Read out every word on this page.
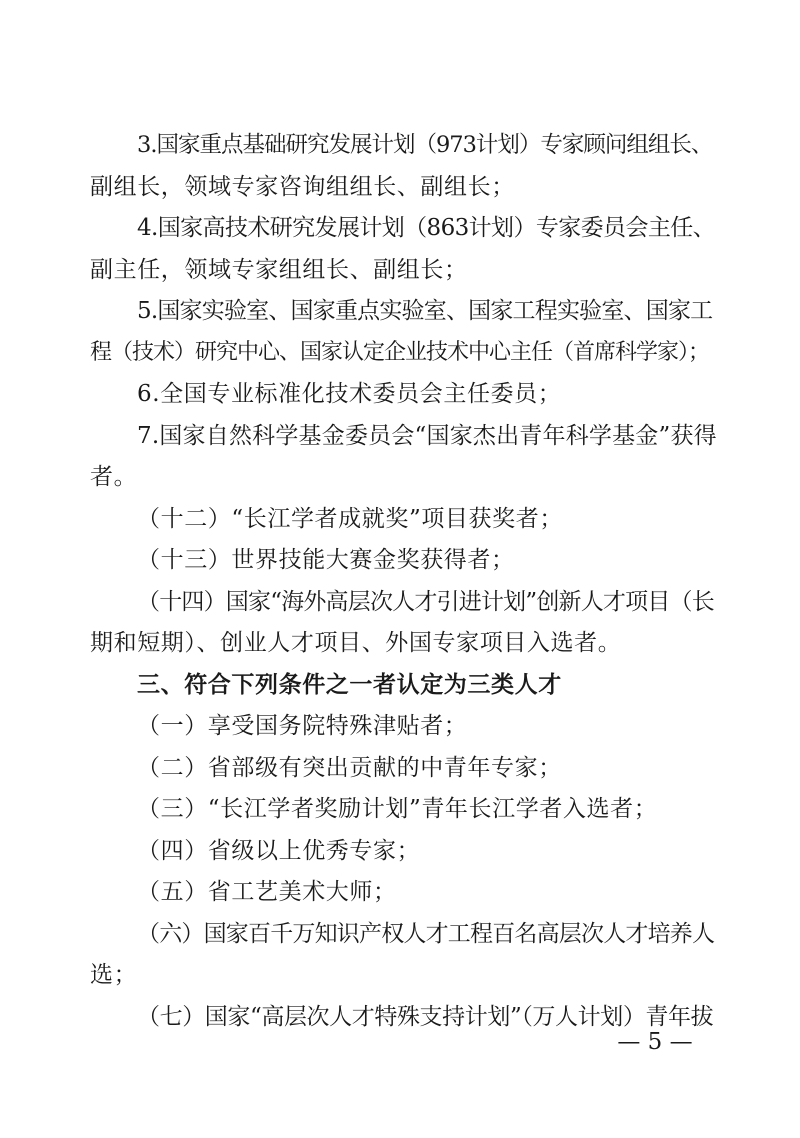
3.国家重点基础研究发展计划（973计划）专家顾问组组长、

副组长，领域专家咨询组组长、副组长；

4.国家高技术研究发展计划（863计划）专家委员会主任、

副主任，领域专家组组长、副组长；

5.国家实验室、国家重点实验室、国家工程实验室、国家工

程（技术）研究中心、国家认定企业技术中心主任（首席科学家）；

6.全国专业标准化技术委员会主任委员；

7.国家自然科学基金委员会“国家杰出青年科学基金”获得

者。

（十二）“长江学者成就奖”项目获奖者；

（十三）世界技能大赛金奖获得者；

（十四）国家“海外高层次人才引进计划”创新人才项目（长

期和短期）、创业人才项目、外国专家项目入选者。

三、符合下列条件之一者认定为三类人才

（一）享受国务院特殊津贴者；

（二）省部级有突出贡献的中青年专家；

（三）“长江学者奖励计划”青年长江学者入选者；

（四）省级以上优秀专家；

（五）省工艺美术大师；

（六）国家百千万知识产权人才工程百名高层次人才培养人

选；

（七）国家“高层次人才特殊支持计划”（万人计划）青年拔

— 5 —
